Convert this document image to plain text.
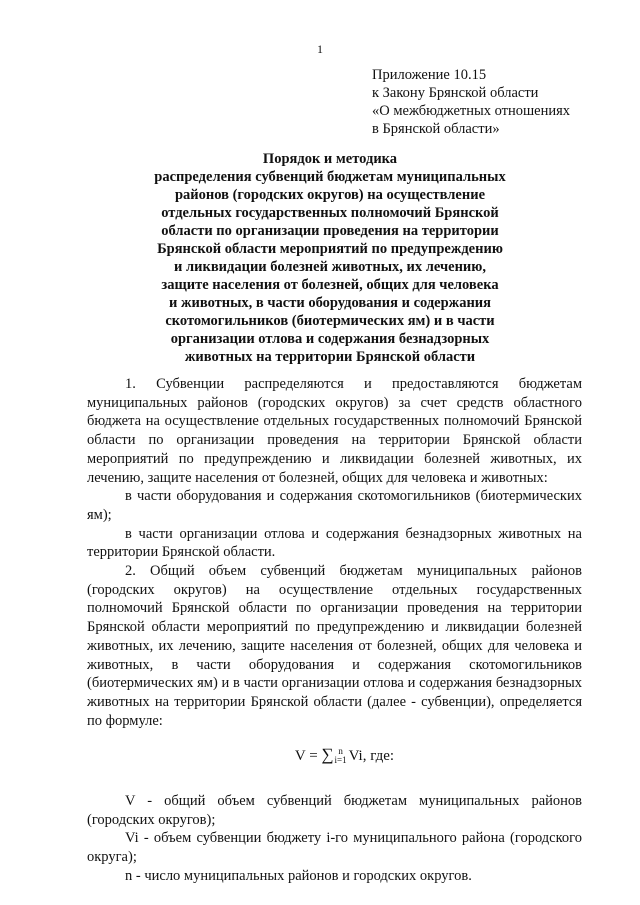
1
Приложение 10.15
к Закону Брянской области
«О межбюджетных отношениях
в Брянской области»
Порядок и методика
распределения субвенций бюджетам муниципальных
районов (городских округов) на осуществление
отдельных государственных полномочий Брянской
области по организации проведения на территории
Брянской области мероприятий по предупреждению
и ликвидации болезней животных, их лечению,
защите населения от болезней, общих для человека
и животных, в части оборудования и содержания
скотомогильников (биотермических ям) и в части
организации отлова и содержания безнадзорных
животных на территории Брянской области

1. Субвенции распределяются и предоставляются бюджетам муниципальных районов (городских округов) за счет средств областного бюджета на осуществление отдельных государственных полномочий Брянской области по организации проведения на территории Брянской области мероприятий по предупреждению и ликвидации болезней животных, их лечению, защите населения от болезней, общих для человека и животных:

в части оборудования и содержания скотомогильников (биотермических ям);

в части организации отлова и содержания безнадзорных животных на территории Брянской области.

2. Общий объем субвенций бюджетам муниципальных районов (городских округов) на осуществление отдельных государственных полномочий Брянской области по организации проведения на территории Брянской области мероприятий по предупреждению и ликвидации болезней животных, их лечению, защите населения от болезней, общих для человека и животных, в части оборудования и содержания скотомогильников (биотермических ям) и в части организации отлова и содержания безнадзорных животных на территории Брянской области (далее - субвенции), определяется по формуле:

V = ∑ n
i=1 Vi, где:

V - общий объем субвенций бюджетам муниципальных районов (городских округов);

Vi - объем субвенции бюджету i-го муниципального района (городского округа);

n - число муниципальных районов и городских округов.
